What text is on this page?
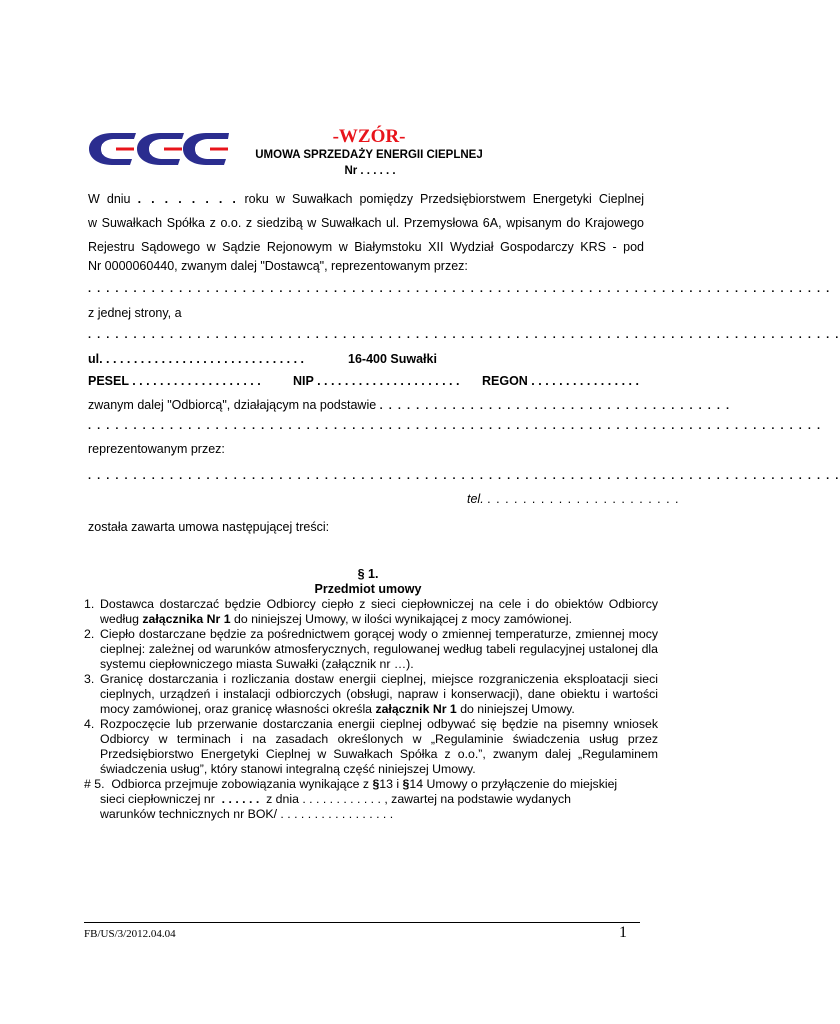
-WZÓR-
UMOWA SPRZEDAŻY ENERGII CIEPLNEJ
Nr . . . . . .
W dniu . . . . . . . . roku w Suwałkach pomiędzy Przedsiębiorstwem Energetyki Cieplnej
w Suwałkach Spółka z o.o. z siedzibą w Suwałkach ul. Przemysłowa 6A, wpisanym do Krajowego
Rejestru Sądowego w Sądzie Rejonowym w Białymstoku XII Wydział Gospodarczy KRS - pod
Nr 0000060440, zwanym dalej "Dostawcą", reprezentowanym przez:
. . . . . . . . . . . . . . . . . . . . . . . . . . . . . . . . . . . . . . . . . . . . . . . . . . . . . . . . . . . . . . . . . . . . . . . . . . . . . . . . . .
z jednej strony, a
. . . . . . . . . . . . . . . . . . . . . . . . . . . . . . . . . . . . . . . . . . . . . . . . . . . . . . . . . . . . . . . . . . . . . . . . . . . . . . . . . . .
ul. . . . . . . . . . . . . . . . . . . . . . . . . . . . . .	16-400 Suwałki
PESEL . . . . . . . . . . . . . . . . . . .	NIP . . . . . . . . . . . . . . . . . . . . . REGON . . . . . . . . . . . . . . . .
zwanym dalej "Odbiorcą", działającym na podstawie . . . . . . . . . . . . . . . . . . . . . . . . . . . . . . . . . . . . . . .
. . . . . . . . . . . . . . . . . . . . . . . . . . . . . . . . . . . . . . . . . . . . . . . . . . . . . . . . . . . . . . . . . . . . . . . . . . . . . . . . .
reprezentowanym przez:
. . . . . . . . . . . . . . . . . . . . . . . . . . . . . . . . . . . . . . . . . . . . . . . . . . . . . . . . . . . . . . . . . . . . . . . . . . . . . . . . . . .
tel. . . . . . . . . . . . . . . . . . . . . . .
została zawarta umowa następującej treści:
§ 1.
Przedmiot umowy
1. Dostawca dostarczać będzie Odbiorcy ciepło z sieci ciepłowniczej na cele i do obiektów Odbiorcy według załącznika Nr 1 do niniejszej Umowy, w ilości wynikającej z mocy zamówionej.
2. Ciepło dostarczane będzie za pośrednictwem gorącej wody o zmiennej temperaturze, zmiennej mocy cieplnej: zależnej od warunków atmosferycznych, regulowanej według tabeli regulacyjnej ustalonej dla systemu ciepłowniczego miasta Suwałki (załącznik nr …).
3. Granicę dostarczania i rozliczania dostaw energii cieplnej, miejsce rozgraniczenia eksploatacji sieci cieplnych, urządzeń i instalacji odbiorczych (obsługi, napraw i konserwacji), dane obiektu i wartości mocy zamówionej, oraz granicę własności określa załącznik Nr 1 do niniejszej Umowy.
4. Rozpoczęcie lub przerwanie dostarczania energii cieplnej odbywać się będzie na pisemny wniosek Odbiorcy w terminach i na zasadach określonych w „Regulaminie świadczenia usług przez Przedsiębiorstwo Energetyki Cieplnej w Suwałkach Spółka z o.o.”, zwanym dalej „Regulaminem świadczenia usług”, który stanowi integralną część niniejszej Umowy.
# 5. Odbiorca przejmuje zobowiązania wynikające z §13 i §14 Umowy o przyłączenie do miejskiej
sieci ciepłowniczej nr . . . . . . z dnia . . . . . . . . . . . . , zawartej na podstawie wydanych
warunków technicznych nr BOK/ . . . . . . . . . . . . . . . . .
FB/US/3/2012.04.04	1
